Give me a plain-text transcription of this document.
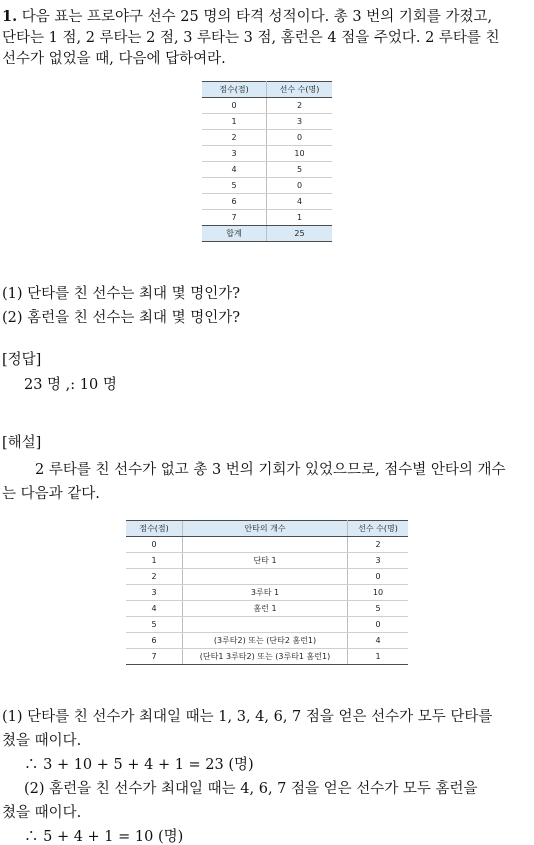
1. 다음 표는 프로야구 선수 25 명의 타격 성적이다. 총 3 번의 기회를 가졌고,
단타는 1 점, 2 루타는 2 점, 3 루타는 3 점, 홈런은 4 점을 주었다. 2 루타를 친
선수가 없었을 때, 다음에 답하여라.
점수(점)	선수 수(명)
0	2
1	3
2	0
3	10
4	5
5	0
6	4
7	1
합계	25
(1) 단타를 친 선수는 최대 몇 명인가?
(2) 홈런을 친 선수는 최대 몇 명인가?
[정답]
23 명 ,: 10 명
[해설]
2 루타를 친 선수가 없고 총 3 번의 기회가 있었으므로, 점수별 안타의 개수
는 다음과 같다.
점수(점)	안타의 개수	선수 수(명)
0		2
1	단타 1	3
2		0
3	3루타 1	10
4	홈런 1	5
5		0
6	(3루타2) 또는 (단타2 홈런1)	4
7	(단타1 3루타2) 또는 (3루타1 홈런1)	1
(1) 단타를 친 선수가 최대일 때는 1, 3, 4, 6, 7 점을 얻은 선수가 모두 단타를
쳤을 때이다.
∴ 3 + 10 + 5 + 4 + 1 = 23 (명)
(2) 홈런을 친 선수가 최대일 때는 4, 6, 7 점을 얻은 선수가 모두 홈런을
쳤을 때이다.
∴ 5 + 4 + 1 = 10 (명)
